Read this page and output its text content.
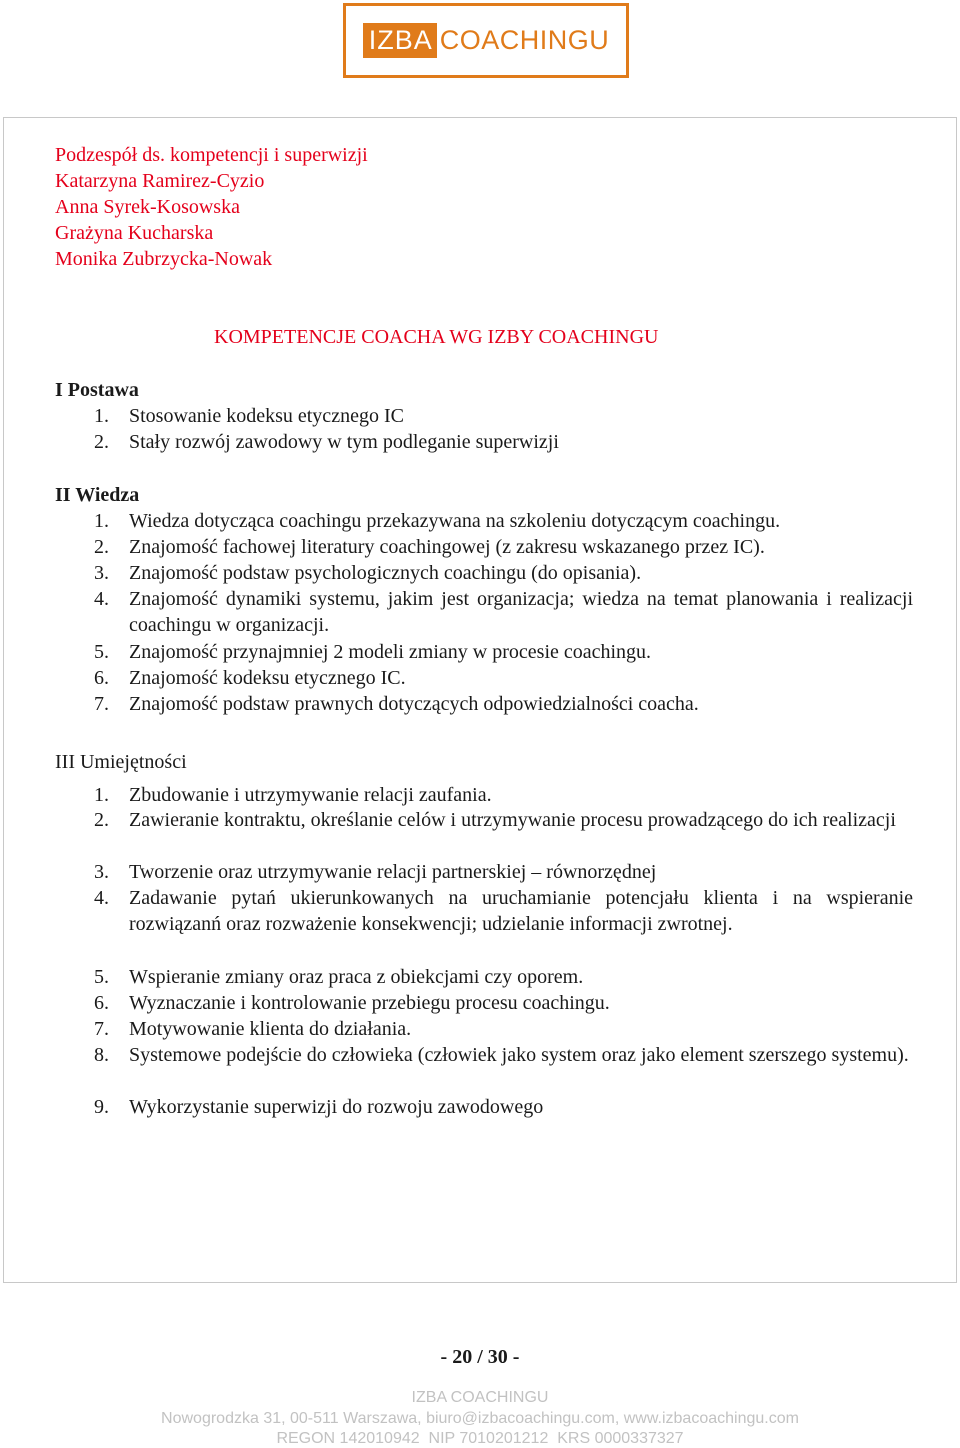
IZBA COACHINGU
Podzespół ds. kompetencji i superwizji
Katarzyna Ramirez-Cyzio
Anna Syrek-Kosowska
Grażyna Kucharska
Monika Zubrzycka-Nowak
KOMPETENCJE COACHA WG IZBY COACHINGU
I Postawa
1. Stosowanie kodeksu etycznego IC
2. Stały rozwój zawodowy w tym podleganie superwizji
II Wiedza
1. Wiedza dotycząca coachingu przekazywana na szkoleniu dotyczącym coachingu.
2. Znajomość fachowej literatury coachingowej (z zakresu wskazanego przez IC).
3. Znajomość podstaw psychologicznych coachingu (do opisania).
4. Znajomość dynamiki systemu, jakim jest organizacja; wiedza na temat planowania i realizacji coachingu w organizacji.
5. Znajomość przynajmniej 2 modeli zmiany w procesie coachingu.
6. Znajomość kodeksu etycznego IC.
7. Znajomość podstaw prawnych dotyczących odpowiedzialności coacha.
III Umiejętności
1. Zbudowanie i utrzymywanie relacji zaufania.
2. Zawieranie kontraktu, określanie celów i utrzymywanie procesu prowadzącego do ich realizacji
3. Tworzenie oraz utrzymywanie relacji partnerskiej – równorzędnej
4. Zadawanie pytań ukierunkowanych na uruchamianie potencjału klienta i na wspieranie rozwiązanń oraz rozważenie konsekwencji; udzielanie informacji zwrotnej.
5. Wspieranie zmiany oraz praca z obiekcjami czy oporem.
6. Wyznaczanie i kontrolowanie przebiegu procesu coachingu.
7. Motywowanie klienta do działania.
8. Systemowe podejście do człowieka (człowiek jako system oraz jako element szerszego systemu).
9. Wykorzystanie superwizji do rozwoju zawodowego
- 20 / 30 -
IZBA COACHINGU
Nowogrodzka 31, 00-511 Warszawa, biuro@izbacoachingu.com, www.izbacoachingu.com
REGON 142010942  NIP 7010201212  KRS 0000337327
